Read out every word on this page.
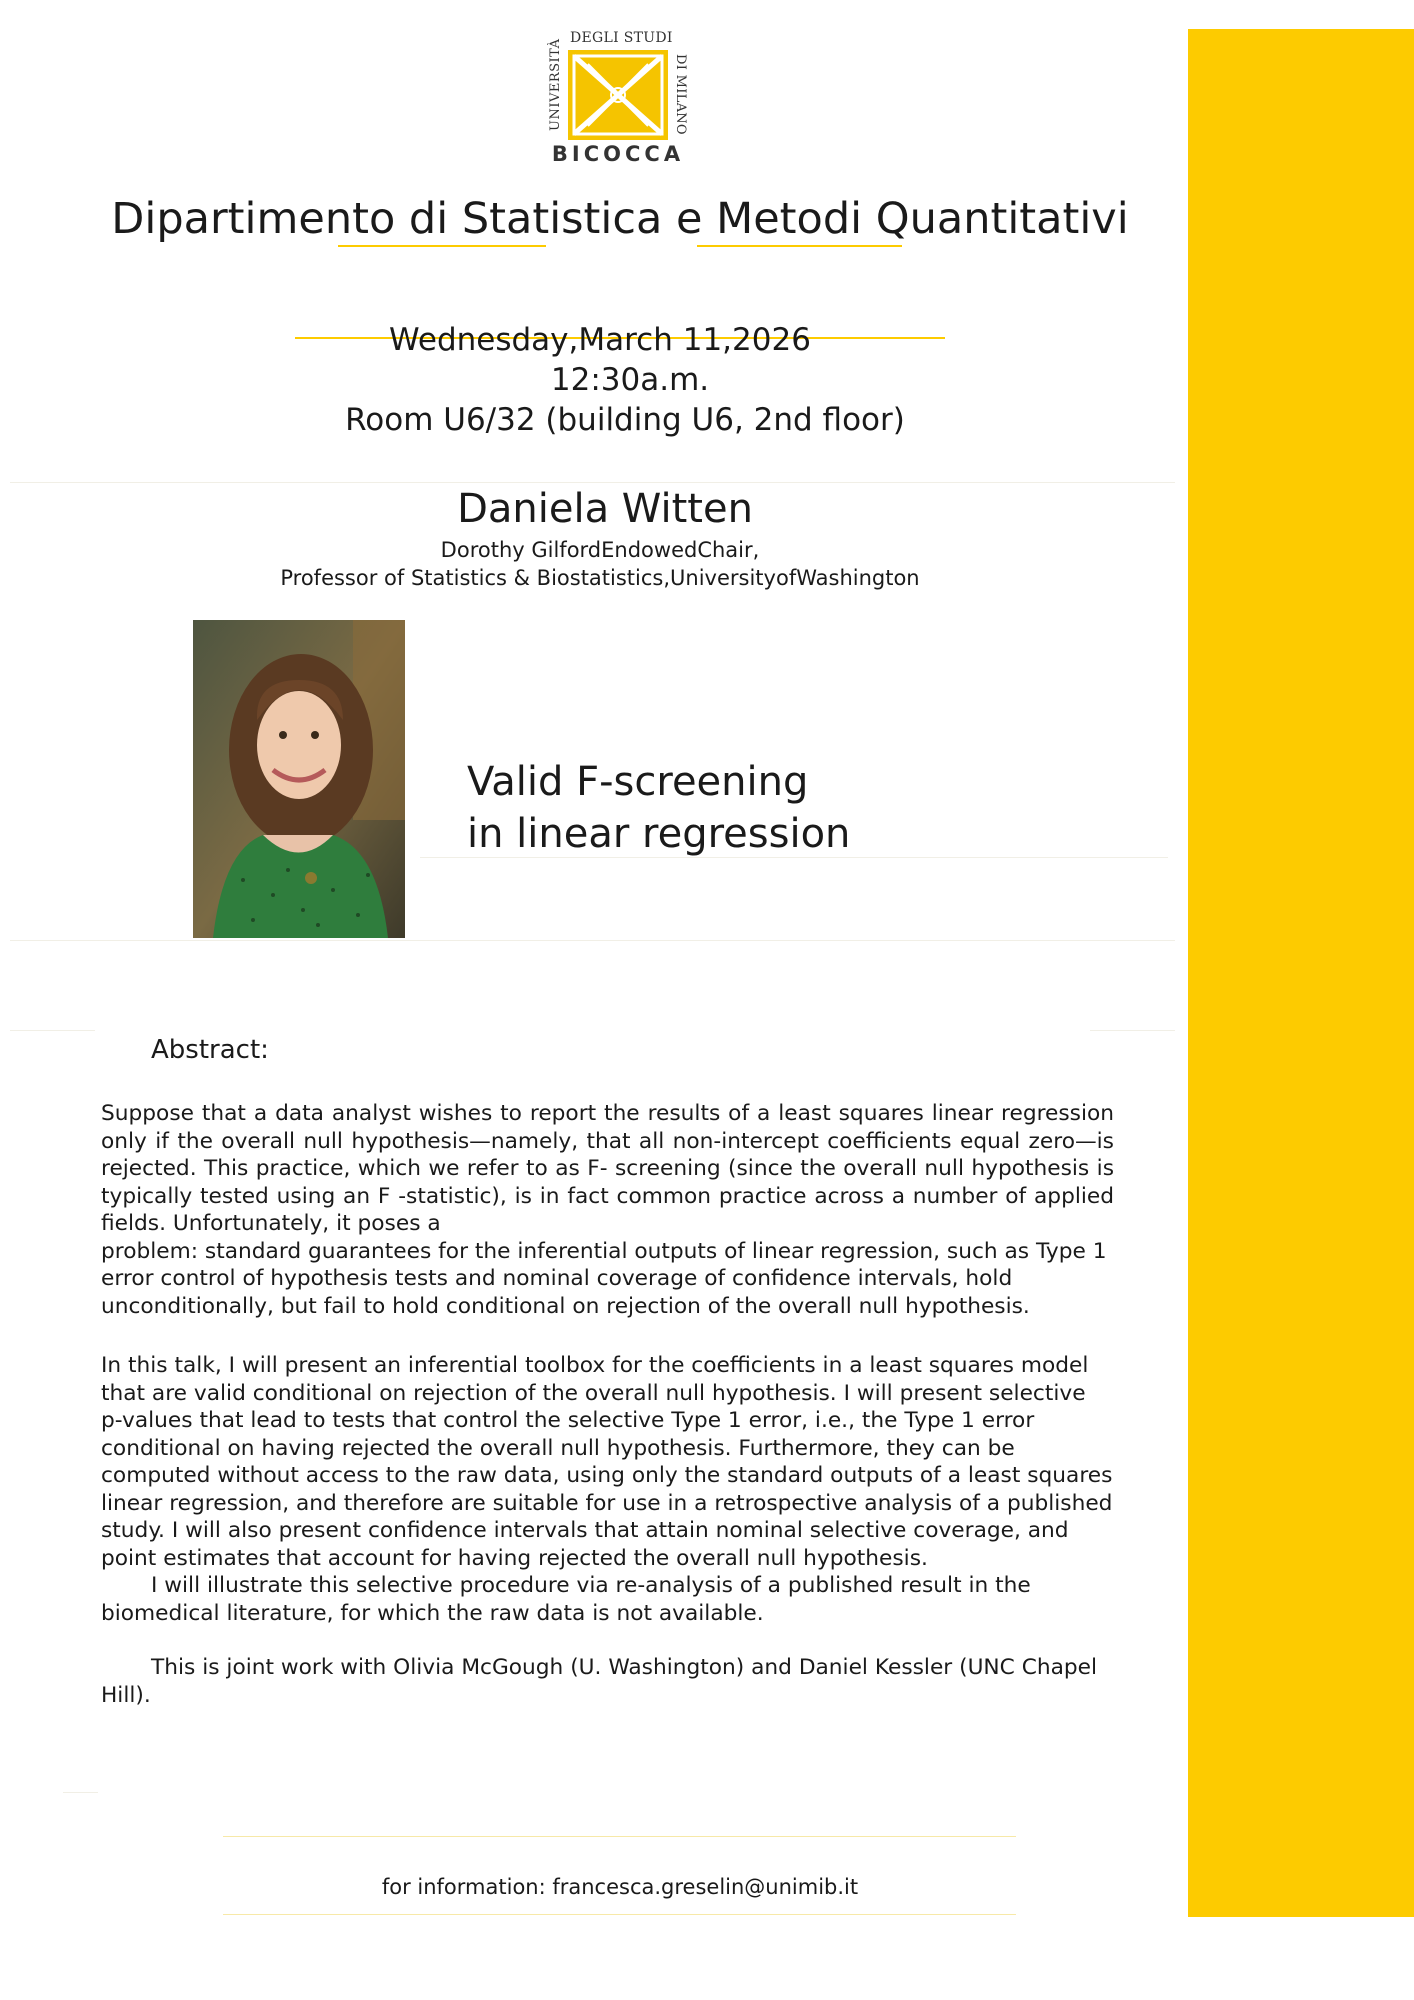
DEGLI STUDI
UNIVERSITÀ	DI MILANO
BICOCCA
Dipartimento di Statistica e Metodi Quantitativi
Wednesday,March 11,2026
12:30a.m.
Room U6/32 (building U6, 2nd floor)
Daniela Witten
Dorothy GilfordEndowedChair,
Professor of Statistics & Biostatistics,UniversityofWashington
Valid F-screening
in linear regression
Abstract:

Suppose that a data analyst wishes to report the results of a least squares linear regression only if the overall null hypothesis—namely, that all non-intercept coefficients equal zero—is rejected. This practice, which we refer to as F- screening (since the overall null hypothesis is typically tested using an F -statistic), is in fact common practice across a number of applied fields. Unfortunately, it poses a

problem: standard guarantees for the inferential outputs of linear regression, such as Type 1 error control of hypothesis tests and nominal coverage of confidence intervals, hold unconditionally, but fail to hold conditional on rejection of the overall null hypothesis.

In this talk, I will present an inferential toolbox for the coefficients in a least squares model that are valid conditional on rejection of the overall null hypothesis. I will present selective p-values that lead to tests that control the selective Type 1 error, i.e., the Type 1 error conditional on having rejected the overall null hypothesis. Furthermore, they can be computed without access to the raw data, using only the standard outputs of a least squares linear regression, and therefore are suitable for use in a retrospective analysis of a published study. I will also present confidence intervals that attain nominal selective coverage, and point estimates that account for having rejected the overall null hypothesis.

I will illustrate this selective procedure via re-analysis of a published result in the biomedical literature, for which the raw data is not available.

This is joint work with Olivia McGough (U. Washington) and Daniel Kessler (UNC Chapel Hill).

for information: francesca.greselin@unimib.it
